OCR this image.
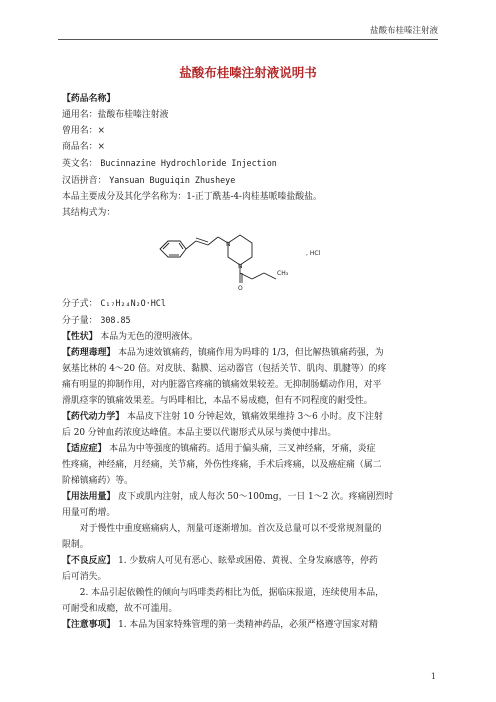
盐酸布桂嗪注射液
盐酸布桂嗪注射液说明书
【药品名称】
通用名：盐酸布桂嗪注射液
曾用名：×
商品名：×
英文名： Bucinnazine Hydrochloride Injection
汉语拼音： Yansuan Buguiqin Zhusheye
本品主要成分及其化学名称为：1-正丁酰基-4-肉桂基哌嗪盐酸盐。
其结构式为：
N
N
O
CH₃
, HCl
分子式： C₁₇H₂₄N₂O·HCl
分子量： 308.85
【性状】 本品为无色的澄明液体。
【药理毒理】 本品为速效镇痛药，镇痛作用为吗啡的 1/3，但比解热镇痛药强，为
氨基比林的 4～20 倍。对皮肤、黏膜、运动器官（包括关节、肌肉、肌腱等）的疼
痛有明显的抑制作用，对内脏器官疼痛的镇痛效果较差。无抑制肠蠕动作用，对平
滑肌痉挛的镇痛效果差。与吗啡相比，本品不易成瘾，但有不同程度的耐受性。
【药代动力学】 本品皮下注射 10 分钟起效，镇痛效果维持 3～6 小时。皮下注射
后 20 分钟血药浓度达峰值。本品主要以代谢形式从尿与粪便中排出。
【适应症】 本品为中等强度的镇痛药。适用于偏头痛，三叉神经痛，牙痛，炎症
性疼痛，神经痛，月经痛，关节痛，外伤性疼痛，手术后疼痛，以及癌症痛（属二
阶梯镇痛药）等。
【用法用量】 皮下或肌内注射，成人每次 50～100mg，一日 1～2 次。疼痛剧烈时
用量可酌增。
对于慢性中重度癌痛病人，剂量可逐渐增加。首次及总量可以不受常规剂量的
限制。
【不良反应】 1. 少数病人可见有恶心、眩晕或困倦、黄视、全身发麻感等，停药
后可消失。
2. 本品引起依赖性的倾向与吗啡类药相比为低，据临床报道，连续使用本品，
可耐受和成瘾，故不可滥用。
【注意事项】 1. 本品为国家特殊管理的第一类精神药品，必须严格遵守国家对精
1
